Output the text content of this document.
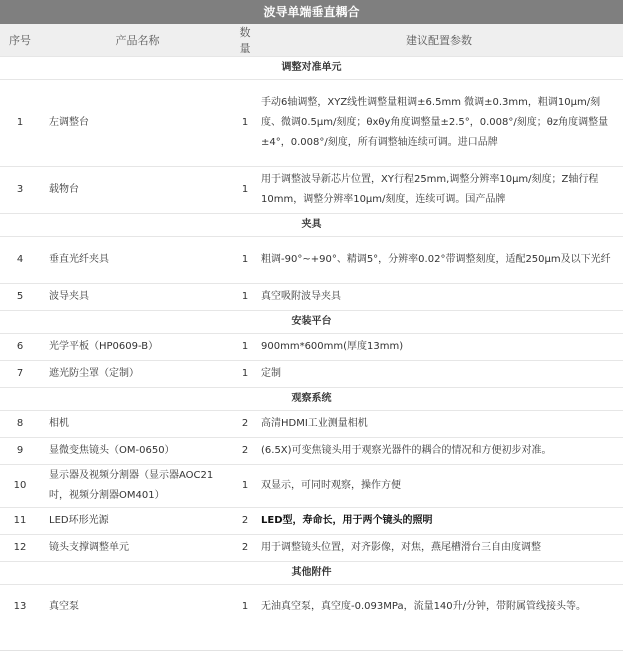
波导单端垂直耦合
序号	产品名称	数量	建议配置参数
调整对准单元			
1	左调整台	1	手动6轴调整，XYZ线性调整量粗调±6.5mm 微调±0.3mm，粗调10μm/刻度、微调0.5μm/刻度；θxθy角度调整量±2.5°，0.008°/刻度；θz角度调整量±4°，0.008°/刻度，所有调整轴连续可调。进口品牌
3	载物台	1	用于调整波导新芯片位置，XY行程25mm,调整分辨率10μm/刻度；Z轴行程10mm，调整分辨率10μm/刻度，连续可调。国产品牌
夹具			
4	垂直光纤夹具	1	粗调-90°~+90°、精调5°，分辨率0.02°带调整刻度，适配250μm及以下光纤
5	波导夹具	1	真空吸附波导夹具
安装平台			
6	光学平板（HP0609-B）	1	900mm*600mm(厚度13mm)
7	遮光防尘罩（定制）	1	定制
观察系统			
8	相机	2	高清HDMI工业测量相机
9	显微变焦镜头（OM-0650）	2	(6.5X)可变焦镜头用于观察光器件的耦合的情况和方便初步对准。
10	显示器及视频分割器（显示器AOC21吋，视频分割器OM401）	1	双显示，可同时观察，操作方便
11	LED环形光源	2	LED型，寿命长，用于两个镜头的照明
12	镜头支撑调整单元	2	用于调整镜头位置，对齐影像，对焦，燕尾槽滑台三自由度调整
其他附件			
13	真空泵	1	无油真空泵，真空度-0.093MPa，流量140升/分钟，带附属管线接头等。
